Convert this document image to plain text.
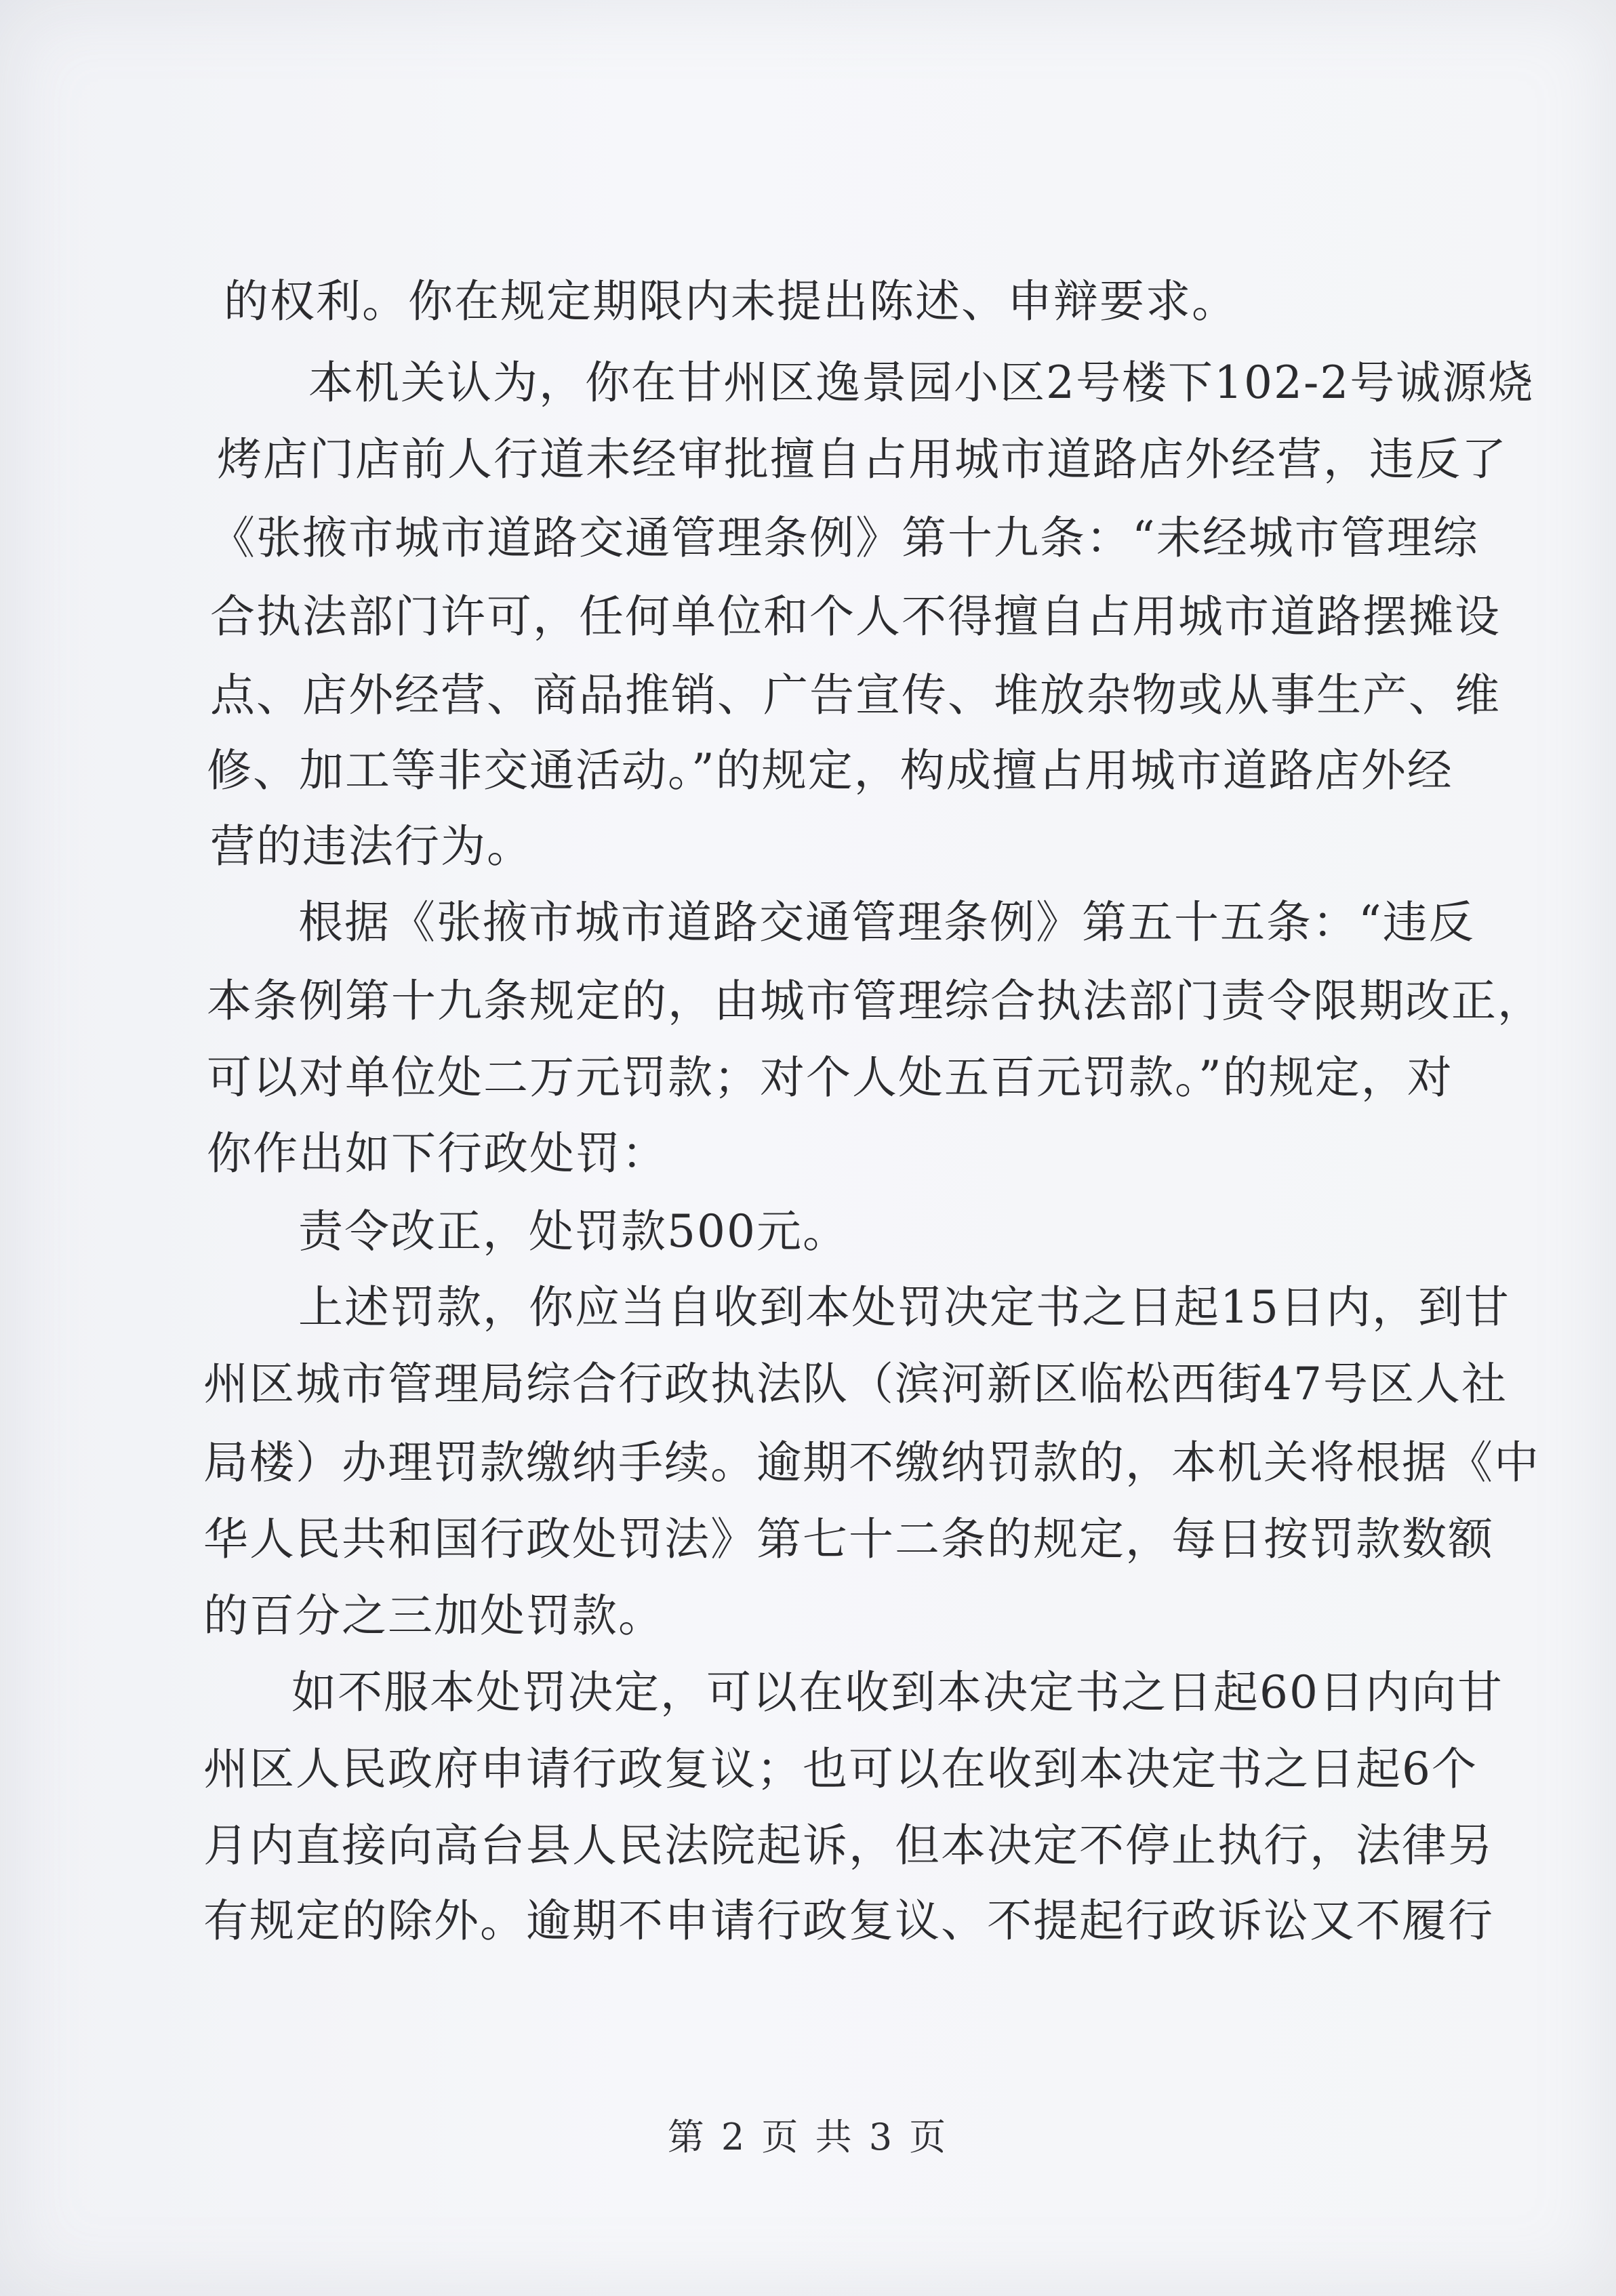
的权利。你在规定期限内未提出陈述、申辩要求。
本机关认为，你在甘州区逸景园小区2号楼下102-2号诚源烧
烤店门店前人行道未经审批擅自占用城市道路店外经营，违反了
《张掖市城市道路交通管理条例》第十九条：“未经城市管理综
合执法部门许可，任何单位和个人不得擅自占用城市道路摆摊设
点、店外经营、商品推销、广告宣传、堆放杂物或从事生产、维
修、加工等非交通活动。”的规定，构成擅占用城市道路店外经
营的违法行为。
根据《张掖市城市道路交通管理条例》第五十五条：“违反
本条例第十九条规定的，由城市管理综合执法部门责令限期改正，
可以对单位处二万元罚款；对个人处五百元罚款。”的规定，对
你作出如下行政处罚：
责令改正，处罚款500元。
上述罚款，你应当自收到本处罚决定书之日起15日内，到甘
州区城市管理局综合行政执法队（滨河新区临松西街47号区人社
局楼）办理罚款缴纳手续。逾期不缴纳罚款的，本机关将根据《中
华人民共和国行政处罚法》第七十二条的规定，每日按罚款数额
的百分之三加处罚款。
如不服本处罚决定，可以在收到本决定书之日起60日内向甘
州区人民政府申请行政复议；也可以在收到本决定书之日起6个
月内直接向高台县人民法院起诉，但本决定不停止执行，法律另
有规定的除外。逾期不申请行政复议、不提起行政诉讼又不履行
第 2 页 共 3 页
